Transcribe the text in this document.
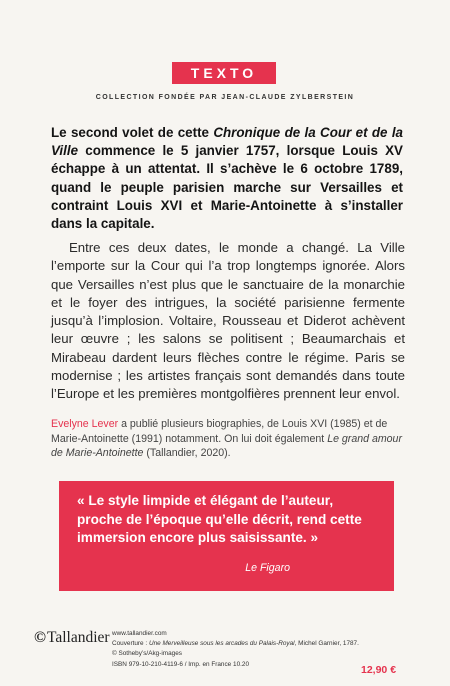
TEXTO
COLLECTION FONDÉE PAR JEAN-CLAUDE ZYLBERSTEIN

Le second volet de cette Chronique de la Cour et de la Ville commence le 5 janvier 1757, lorsque Louis XV échappe à un attentat. Il s’achève le 6 octobre 1789, quand le peuple parisien marche sur Versailles et contraint Louis XVI et Marie-Antoinette à s’installer dans la capitale.

Entre ces deux dates, le monde a changé. La Ville l’emporte sur la Cour qui l’a trop longtemps ignorée. Alors que Versailles n’est plus que le sanctuaire de la monarchie et le foyer des intrigues, la société parisienne fermente jusqu’à l’implosion. Voltaire, Rousseau et Diderot achèvent leur œuvre ; les salons se politisent ; Beaumarchais et Mirabeau dardent leurs flèches contre le régime. Paris se modernise ; les artistes français sont demandés dans toute l’Europe et les premières montgolfières prennent leur envol.

Evelyne Lever a publié plusieurs biographies, de Louis XVI (1985) et de Marie-Antoinette (1991) notamment. On lui doit également Le grand amour de Marie-Antoinette (Tallandier, 2020).

« Le style limpide et élégant de l’auteur, proche de l’époque qu’elle décrit, rend cette immersion encore plus saisissante. »

Le Figaro

© Tallandier www.tallandier.com
Couverture : Une Merveilleuse sous les arcades du Palais-Royal, Michel Garnier, 1787.
© Sotheby’s/Akg-images
ISBN 979-10-210-4119-6 / Imp. en France 10.20	12,90 €
